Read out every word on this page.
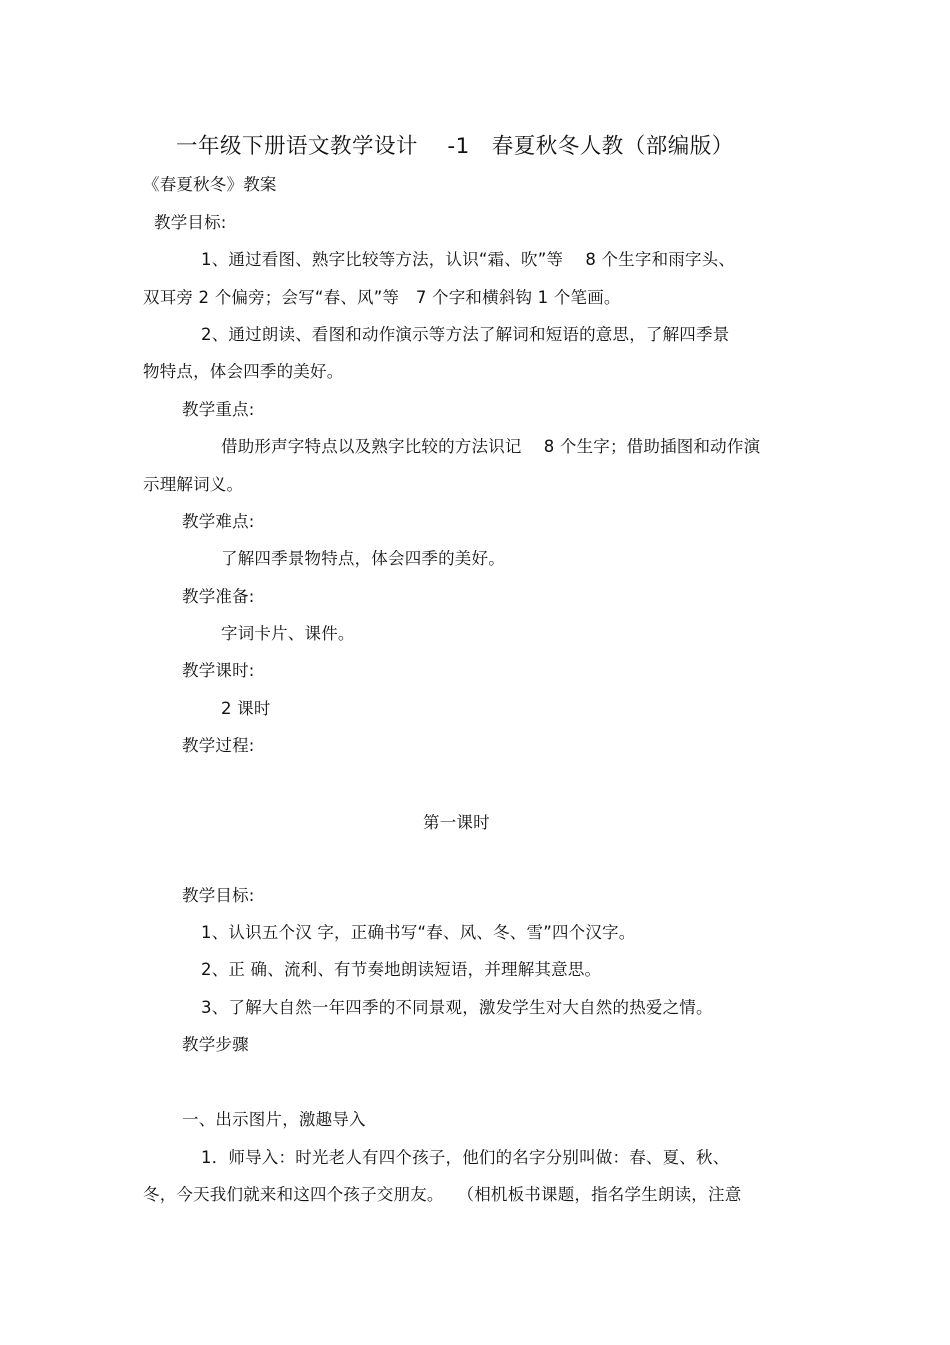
一年级下册语文教学设计　 -1　春夏秋冬人教（部编版）
《春夏秋冬》教案
教学目标:
1、通过看图、熟字比较等方法，认识“霜、吹”等　 8 个生字和雨字头、
双耳旁 2 个偏旁；会写“春、风”等　7 个字和横斜钩 1 个笔画。
2、通过朗读、看图和动作演示等方法了解词和短语的意思，了解四季景
物特点，体会四季的美好。
教学重点:
借助形声字特点以及熟字比较的方法识记　 8 个生字；借助插图和动作演
示理解词义。
教学难点:
了解四季景物特点，体会四季的美好。
教学准备:
字词卡片、课件。
教学课时:
2 课时
教学过程:
第一课时
教学目标:
1、认识五个汉 字，正确书写“春、风、冬、雪”四个汉字。
2、正 确、流利、有节奏地朗读短语，并理解其意思。
3、了解大自然一年四季的不同景观，激发学生对大自然的热爱之情。
教学步骤
一、出示图片，激趣导入
1．师导入：时光老人有四个孩子，他们的名字分别叫做：春、夏、秋、
冬，今天我们就来和这四个孩子交朋友。　 （相机板书课题，指名学生朗读，注意
